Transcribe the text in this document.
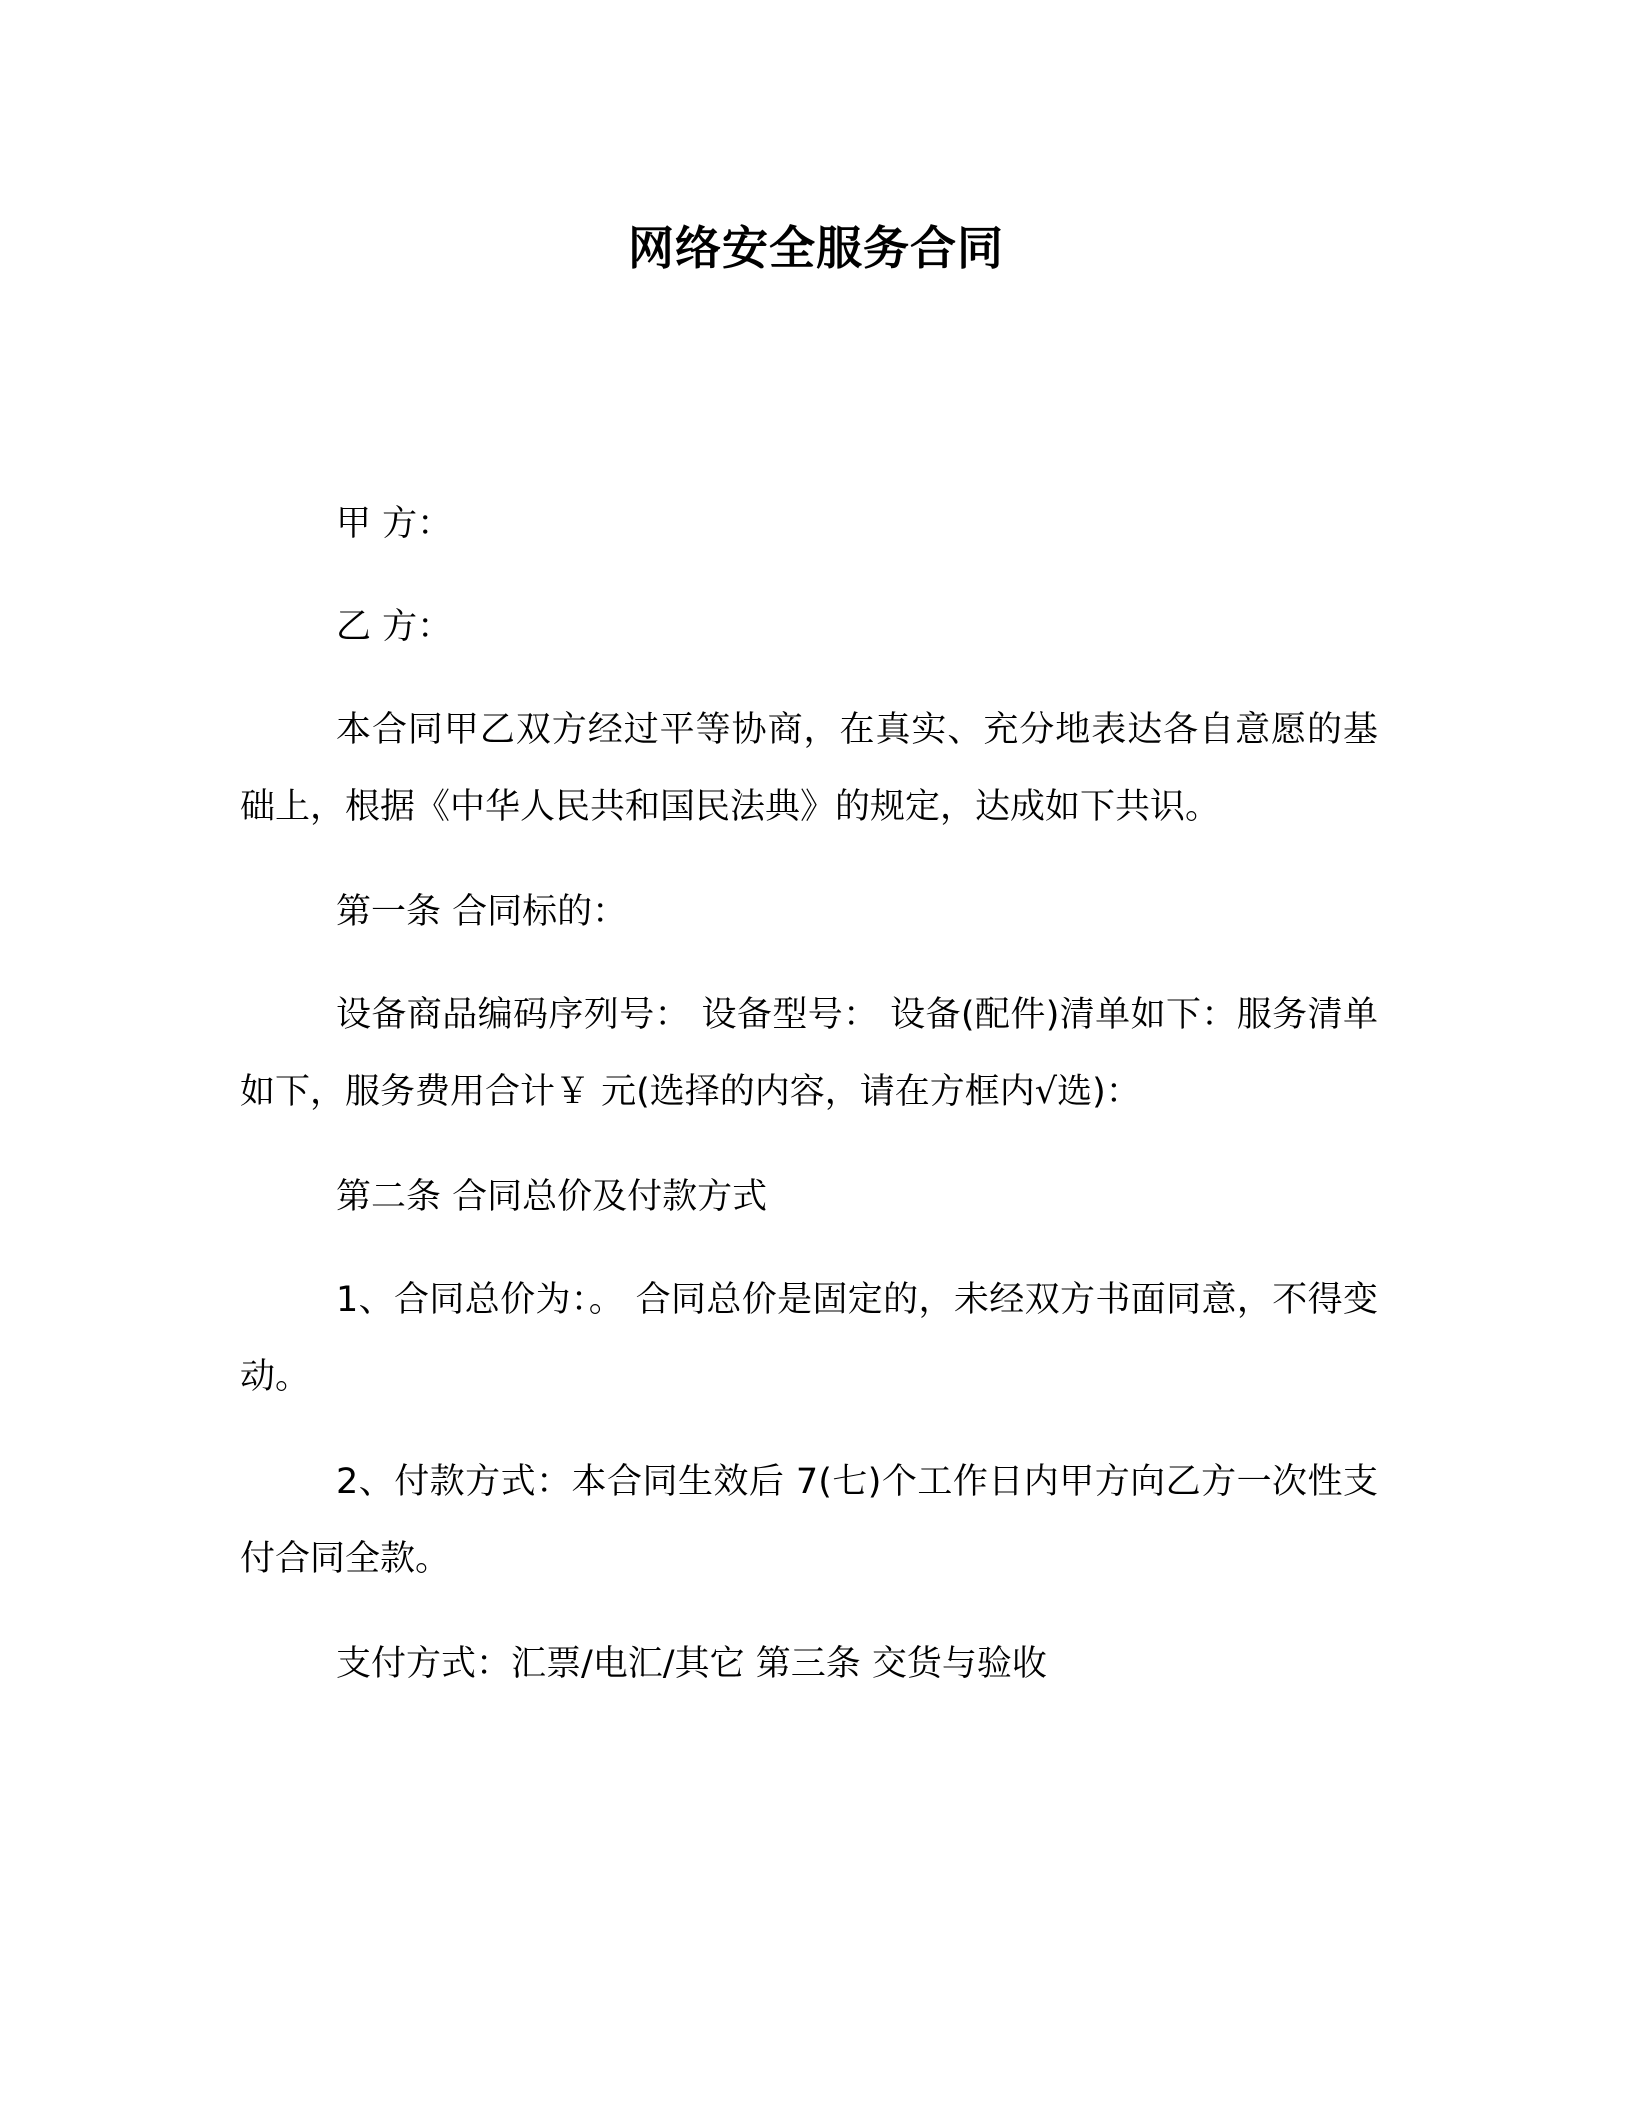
网络安全服务合同

甲 方：

乙 方：

本合同甲乙双方经过平等协商，在真实、充分地表达各自意愿的基础上，根据《中华人民共和国民法典》的规定，达成如下共识。

第一条 合同标的：

设备商品编码序列号： 设备型号： 设备(配件)清单如下：服务清单如下，服务费用合计￥ 元(选择的内容，请在方框内√选)：

第二条 合同总价及付款方式

1、合同总价为：。 合同总价是固定的，未经双方书面同意，不得变动。

2、付款方式：本合同生效后 7(七)个工作日内甲方向乙方一次性支付合同全款。

支付方式：汇票/电汇/其它 第三条 交货与验收
